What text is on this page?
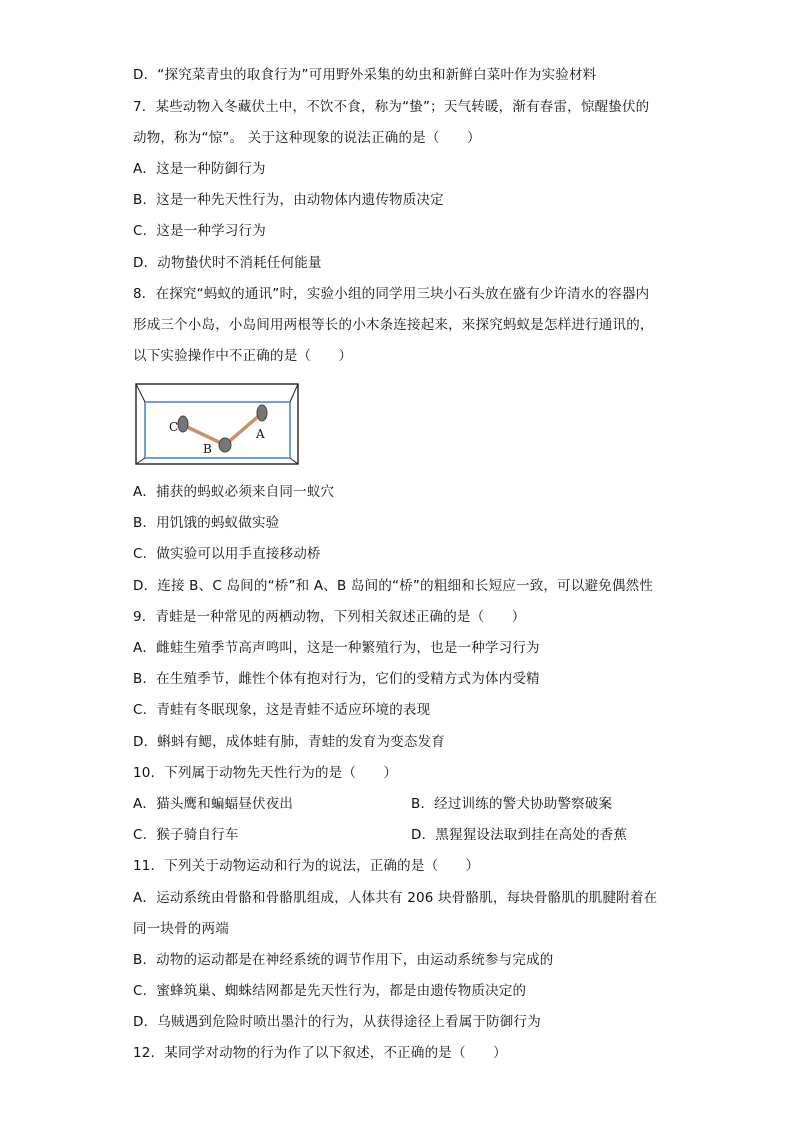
D．“探究菜青虫的取食行为”可用野外采集的幼虫和新鲜白菜叶作为实验材料
7．某些动物入冬藏伏土中，不饮不食，称为“蛰”；天气转暖，渐有春雷，惊醒蛰伏的
动物，称为“惊”。 关于这种现象的说法正确的是（　　）
A．这是一种防御行为
B．这是一种先天性行为，由动物体内遗传物质决定
C．这是一种学习行为
D．动物蛰伏时不消耗任何能量
8．在探究“蚂蚁的通讯”时，实验小组的同学用三块小石头放在盛有少许清水的容器内
形成三个小岛，小岛间用两根等长的小木条连接起来，来探究蚂蚁是怎样进行通讯的，
以下实验操作中不正确的是（　　）
C
B
A
A．捕获的蚂蚁必须来自同一蚁穴
B．用饥饿的蚂蚁做实验
C．做实验可以用手直接移动桥
D．连接 B、C 岛间的“桥”和 A、B 岛间的“桥”的粗细和长短应一致，可以避免偶然性
9．青蛙是一种常见的两栖动物，下列相关叙述正确的是（　　）
A．雌蛙生殖季节高声鸣叫，这是一种繁殖行为，也是一种学习行为
B．在生殖季节，雌性个体有抱对行为，它们的受精方式为体内受精
C．青蛙有冬眠现象，这是青蛙不适应环境的表现
D．蝌蚪有鳃，成体蛙有肺，青蛙的发育为变态发育
10．下列属于动物先天性行为的是（　　）
A．猫头鹰和蝙蝠昼伏夜出	B．经过训练的警犬协助警察破案
C．猴子骑自行车	D．黑猩猩设法取到挂在高处的香蕉
11．下列关于动物运动和行为的说法，正确的是（　　）
A．运动系统由骨骼和骨骼肌组成，人体共有 206 块骨骼肌，每块骨骼肌的肌腱附着在
同一块骨的两端
B．动物的运动都是在神经系统的调节作用下，由运动系统参与完成的
C．蜜蜂筑巢、蜘蛛结网都是先天性行为，都是由遗传物质决定的
D．乌贼遇到危险时喷出墨汁的行为，从获得途径上看属于防御行为
12．某同学对动物的行为作了以下叙述，不正确的是（　　）
